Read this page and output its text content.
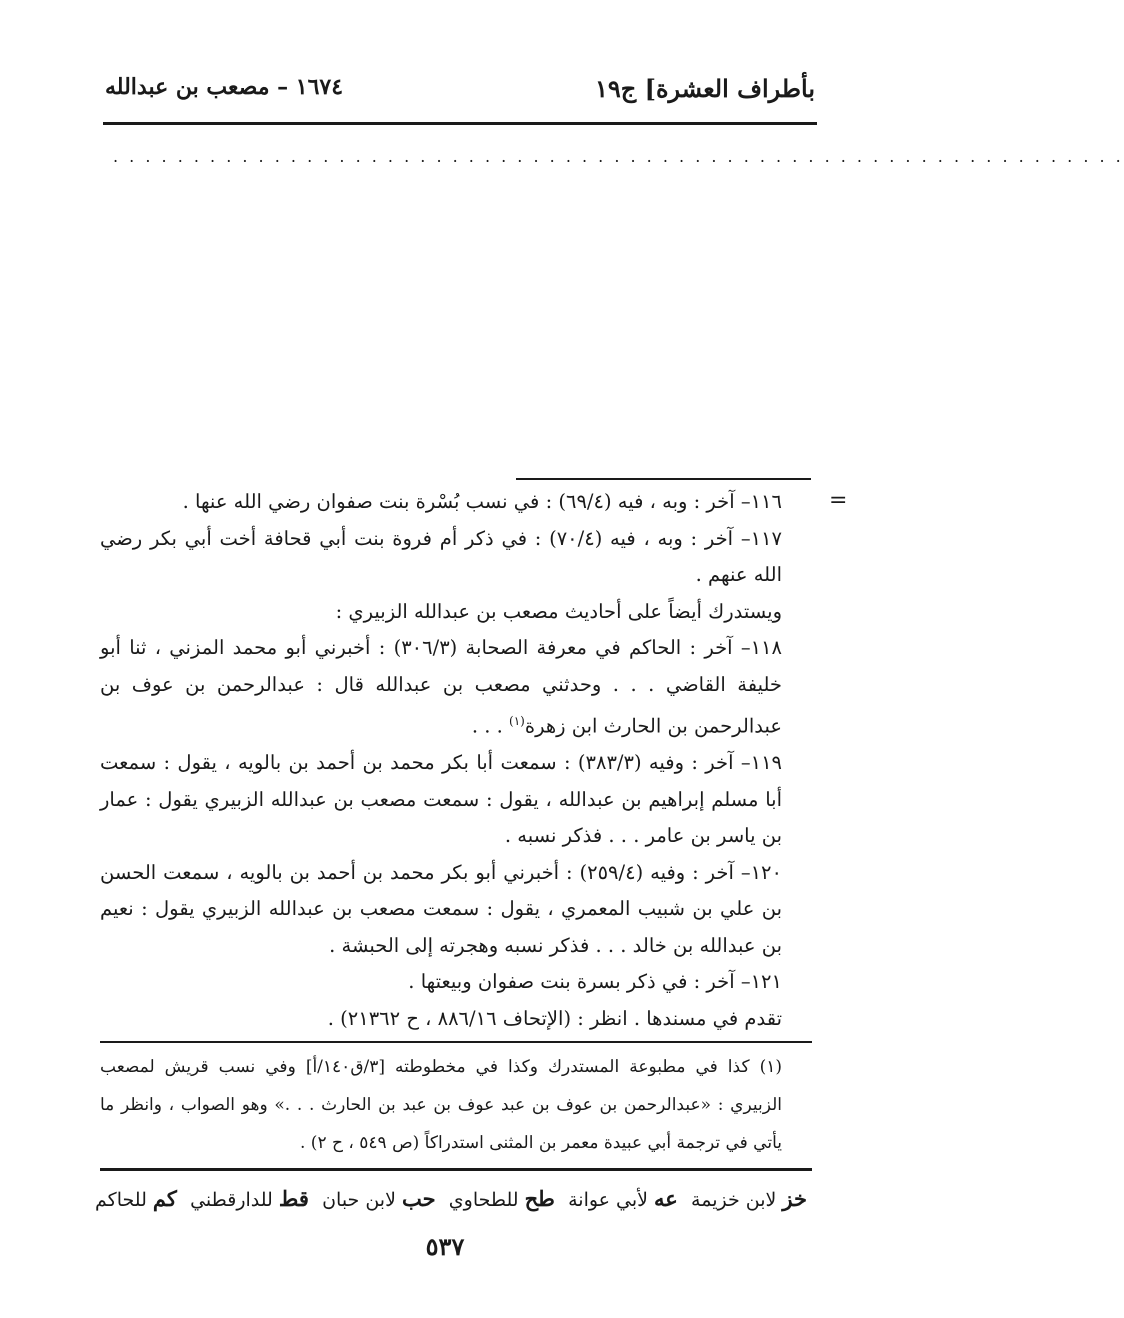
بأطراف العشرة] ج١٩
١٦٧٤ – مصعب بن عبدالله
. . . . . . . . . . . . . . . . . . . . . . . . . . . . . . . . . . . . . . . . . . . . . . . . . . . . . . . . . . . . . . .
=

١١٦– آخر : وبه ، فيه (٦٩/٤) : في نسب بُسْرة بنت صفوان رضي الله عنها .

١١٧– آخر : وبه ، فيه (٧٠/٤) : في ذكر أم فروة بنت أبي قحافة أخت أبي بكر رضي الله عنهم .

ويستدرك أيضاً على أحاديث مصعب بن عبدالله الزبيري :

١١٨– آخر : الحاكم في معرفة الصحابة (٣٠٦/٣) : أخبرني أبو محمد المزني ، ثنا أبو خليفة القاضي . . . وحدثني مصعب بن عبدالله قال : عبدالرحمن بن عوف بن عبدالرحمن بن الحارث ابن زهرة$^{(١)}$ . . .

١١٩– آخر : وفيه (٣٨٣/٣) : سمعت أبا بكر محمد بن أحمد بن بالويه ، يقول : سمعت أبا مسلم إبراهيم بن عبدالله ، يقول : سمعت مصعب بن عبدالله الزبيري يقول : عمار بن ياسر بن عامر . . . فذكر نسبه .

١٢٠– آخر : وفيه (٢٥٩/٤) : أخبرني أبو بكر محمد بن أحمد بن بالويه ، سمعت الحسن بن علي بن شبيب المعمري ، يقول : سمعت مصعب بن عبدالله الزبيري يقول : نعيم بن عبدالله بن خالد . . . فذكر نسبه وهجرته إلى الحبشة .

١٢١– آخر : في ذكر بسرة بنت صفوان وبيعتها .

تقدم في مسندها . انظر : (الإتحاف ٨٨٦/١٦ ، ح ٢١٣٦٢) .

(١) كذا في مطبوعة المستدرك وكذا في مخطوطته [٣/ق١٤٠/أ] وفي نسب قريش لمصعب الزبيري : «عبدالرحمن بن عوف بن عبد عوف بن عبد بن الحارث . . .» وهو الصواب ، وانظر ما يأتي في ترجمة أبي عبيدة معمر بن المثنى استدراكاً (ص ٥٤٩ ، ح ٢) .

خز لابن خزيمة
عه لأبي عوانة
طح للطحاوي
حب لابن حبان
قط للدارقطني
كم للحاكم
٥٣٧
